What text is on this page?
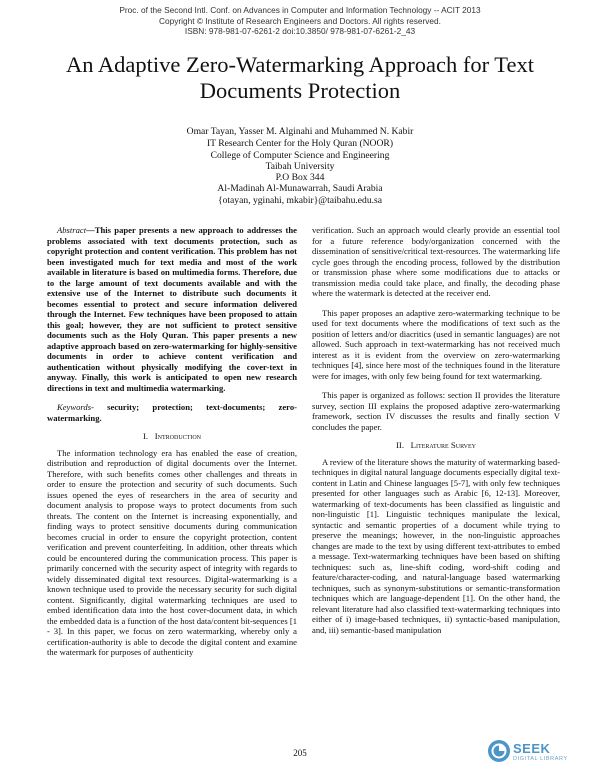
Proc. of the Second Intl. Conf. on Advances in Computer and Information Technology -- ACIT 2013
Copyright © Institute of Research Engineers and Doctors. All rights reserved.
ISBN: 978-981-07-6261-2 doi:10.3850/ 978-981-07-6261-2_43
An Adaptive Zero-Watermarking Approach for Text Documents Protection
Omar Tayan, Yasser M. Alginahi and Muhammed N. Kabir
IT Research Center for the Holy Quran (NOOR)
College of Computer Science and Engineering
Taibah University
P.O Box 344
Al-Madinah Al-Munawarrah, Saudi Arabia
{otayan, yginahi, mkabir}@taibahu.edu.sa

Abstract—This paper presents a new approach to addresses the problems associated with text documents protection, such as copyright protection and content verification. This problem has not been investigated much for text media and most of the work available in literature is based on multimedia forms. Therefore, due to the large amount of text documents available and with the extensive use of the Internet to distribute such documents it becomes essential to protect and secure information delivered through the Internet. Few techniques have been proposed to attain this goal; however, they are not sufficient to protect sensitive documents such as the Holy Quran. This paper presents a new adaptive approach based on zero-watermarking for highly-sensitive documents in order to achieve content verification and authentication without physically modifying the cover-text in anyway. Finally, this work is anticipated to open new research directions in text and multimedia watermarking.

Keywords- security; protection; text-documents; zero-watermarking.

I. Introduction

The information technology era has enabled the ease of creation, distribution and reproduction of digital documents over the Internet. Therefore, with such benefits comes other challenges and threats in order to ensure the protection and security of such documents. Such issues opened the eyes of researchers in the area of security and document analysis to propose ways to protect documents from such threats. The content on the Internet is increasing exponentially, and finding ways to protect sensitive documents during communication becomes crucial in order to ensure the copyright protection, content verification and prevent counterfeiting. In addition, other threats which could be encountered during the communication process. This paper is primarily concerned with the security aspect of integrity with regards to widely disseminated digital text resources. Digital-watermarking is a known technique used to provide the necessary security for such digital content. Significantly, digital watermarking techniques are used to embed identification data into the host cover-document data, in which the embedded data is a function of the host data/content bit-sequences [1 - 3]. In this paper, we focus on zero watermarking, whereby only a certification-authority is able to decode the digital content and examine the watermark for purposes of authenticity

verification. Such an approach would clearly provide an essential tool for a future reference body/organization concerned with the dissemination of sensitive/critical text-resources. The watermarking life cycle goes through the encoding process, followed by the distribution or transmission phase where some modifications due to attacks or transmission media could take place, and finally, the decoding phase where the watermark is detected at the receiver end.

This paper proposes an adaptive zero-watermarking technique to be used for text documents where the modifications of text such as the position of letters and/or diacritics (used in semantic languages) are not allowed. Such approach in text-watermarking has not received much interest as it is evident from the overview on zero-watermarking techniques [4], since here most of the techniques found in the literature were for images, with only few being found for text watermarking.

This paper is organized as follows: section II provides the literature survey, section III explains the proposed adaptive zero-watermarking framework, section IV discusses the results and finally section V concludes the paper.

II. Literature Survey

A review of the literature shows the maturity of watermarking based-techniques in digital natural language documents especially digital text-content in Latin and Chinese languages [5-7], with only few techniques presented for other languages such as Arabic [6, 12-13]. Moreover, watermarking of text-documents has been classified as linguistic and non-linguistic [1]. Linguistic techniques manipulate the lexical, syntactic and semantic properties of a document while trying to preserve the meanings; however, in the non-linguistic approaches changes are made to the text by using different text-attributes to embed a message. Text-watermarking techniques have been based on shifting techniques: such as, line-shift coding, word-shift coding and feature/character-coding, and natural-language based watermarking techniques, such as synonym-substitutions or semantic-transformation techniques which are language-dependent [1]. On the other hand, the relevant literature had also classified text-watermarking techniques into either of i) image-based techniques, ii) syntactic-based manipulation, and, iii) semantic-based manipulation

205	SEEK
DIGITAL LIBRARY
